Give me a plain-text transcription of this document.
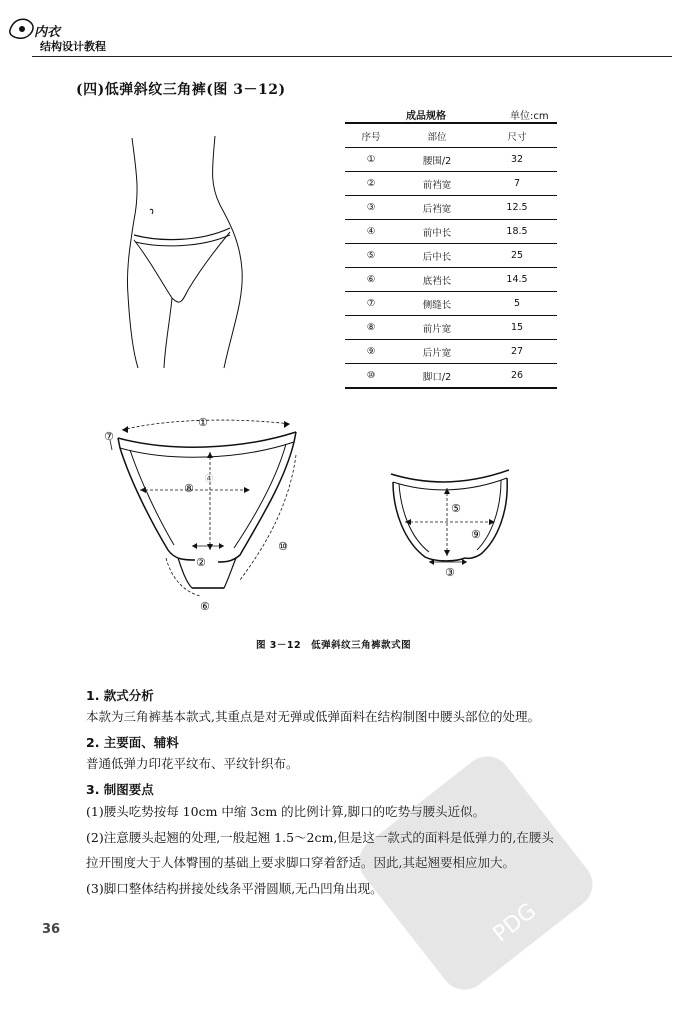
内衣
结构设计教程
(四)低弹斜纹三角裤(图 3－12)
成品规格	单位:cm
序号	部位	尺寸
①	腰围/2	32
②	前裆宽	7
③	后裆宽	12.5
④	前中长	18.5
⑤	后中长	25
⑥	底裆长	14.5
⑦	侧缝长	5
⑧	前片宽	15
⑨	后片宽	27
⑩	脚口/2	26
①
⑦
④
⑧
②
⑩
⑥
⑤
⑨
③
图 3－12　低弹斜纹三角裤款式图
1. 款式分析
本款为三角裤基本款式,其重点是对无弹或低弹面料在结构制图中腰头部位的处理。
2. 主要面、辅料
普通低弹力印花平纹布、平纹针织布。
3. 制图要点
(1)腰头吃势按每 10cm 中缩 3cm 的比例计算,脚口的吃势与腰头近似。
(2)注意腰头起翘的处理,一般起翘 1.5～2cm,但是这一款式的面料是低弹力的,在腰头
拉开围度大于人体臀围的基础上要求脚口穿着舒适。因此,其起翘要相应加大。
(3)脚口整体结构拼接处线条平滑圆顺,无凸凹角出现。
PDG
36
